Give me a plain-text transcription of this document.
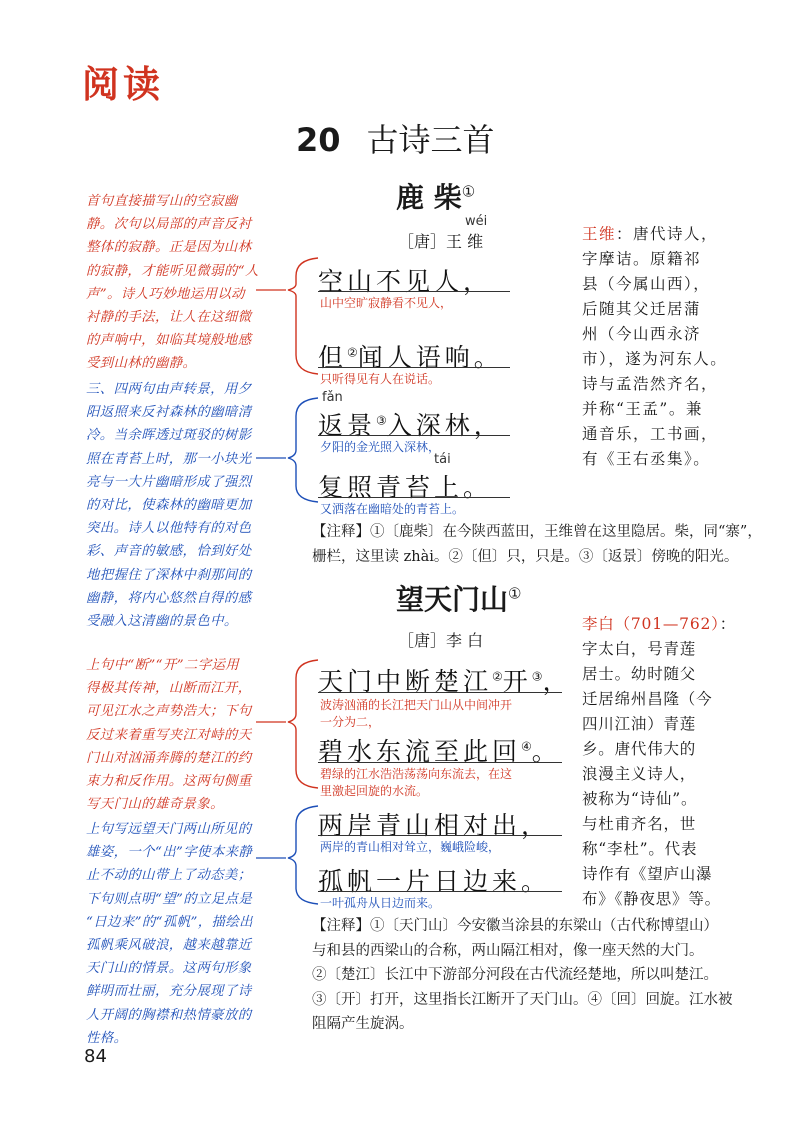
阅读
20 古诗三首
鹿 柴①
wéi
［唐］王 维
首句直接描写山的空寂幽
静。次句以局部的声音反衬
整体的寂静。正是因为山林
的寂静，才能听见微弱的“人
声”。诗人巧妙地运用以动
衬静的手法，让人在这细微
的声响中，如临其境般地感
受到山林的幽静。
三、四两句由声转景，用夕
阳返照来反衬森林的幽暗清
冷。当余晖透过斑驳的树影
照在青苔上时，那一小块光
亮与一大片幽暗形成了强烈
的对比，使森林的幽暗更加
突出。诗人以他特有的对色
彩、声音的敏感，恰到好处
地把握住了深林中刹那间的
幽静，将内心悠然自得的感
受融入这清幽的景色中。
空山不见人，
山中空旷寂静看不见人，
但②闻人语响。
只听得见有人在说话。
fǎn
返景③入深林，
夕阳的金光照入深林，
tái
复照青苔上。
又洒落在幽暗处的青苔上。
王维：唐代诗人，
字摩诘。原籍祁
县（今属山西），
后随其父迁居蒲
州（今山西永济
市），遂为河东人。
诗与孟浩然齐名，
并称“王孟”。兼
通音乐，工书画，
有《王右丞集》。
【注释】①〔鹿柴〕在今陕西蓝田，王维曾在这里隐居。柴，同“寨”，
栅栏，这里读 zhài。②〔但〕只，只是。③〔返景〕傍晚的阳光。
望天门山①
［唐］李 白
上句中“断”“开”二字运用
得极其传神，山断而江开，
可见江水之声势浩大；下句
反过来着重写夹江对峙的天
门山对汹涌奔腾的楚江的约
束力和反作用。这两句侧重
写天门山的雄奇景象。
上句写远望天门两山所见的
雄姿，一个“出”字使本来静
止不动的山带上了动态美；
下句则点明“望”的立足点是
“日边来”的“孤帆”，描绘出
孤帆乘风破浪，越来越靠近
天门山的情景。这两句形象
鲜明而壮丽，充分展现了诗
人开阔的胸襟和热情豪放的
性格。
天门中断楚江②开③，
波涛汹涌的长江把天门山从中间冲开
一分为二，
碧水东流至此回④。
碧绿的江水浩浩荡荡向东流去，在这
里激起回旋的水流。
两岸青山相对出，
两岸的青山相对耸立，巍峨险峻，
孤帆一片日边来。
一叶孤舟从日边而来。
李白（701—762）：
字太白，号青莲
居士。幼时随父
迁居绵州昌隆（今
四川江油）青莲
乡。唐代伟大的
浪漫主义诗人，
被称为“诗仙”。
与杜甫齐名，世
称“李杜”。代表
诗作有《望庐山瀑
布》《静夜思》等。
【注释】①〔天门山〕今安徽当涂县的东梁山（古代称博望山）
与和县的西梁山的合称，两山隔江相对，像一座天然的大门。
②〔楚江〕长江中下游部分河段在古代流经楚地，所以叫楚江。
③〔开〕打开，这里指长江断开了天门山。④〔回〕回旋。江水被
阻隔产生旋涡。
84
